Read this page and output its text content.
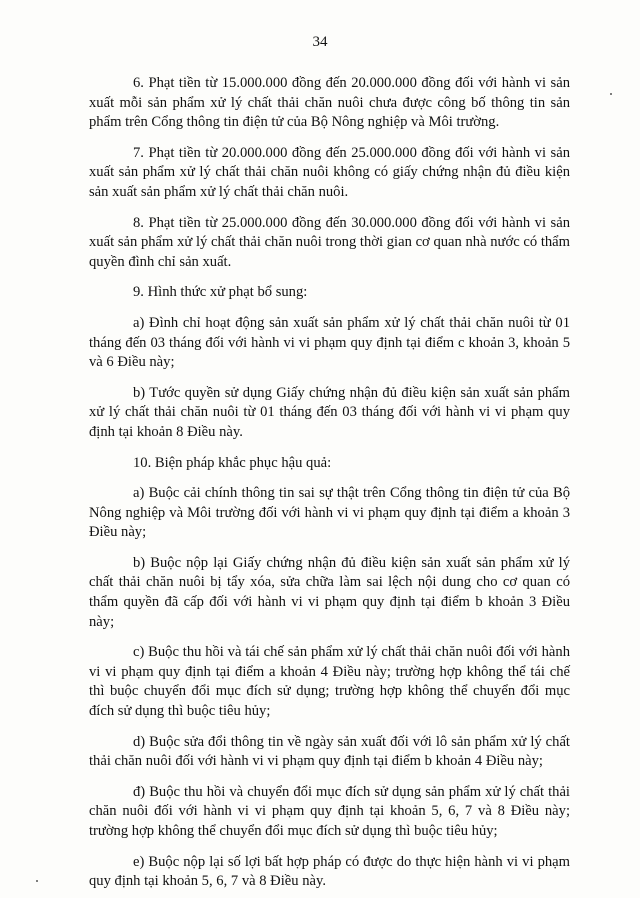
34

6. Phạt tiền từ 15.000.000 đồng đến 20.000.000 đồng đối với hành vi sản xuất mỗi sản phẩm xử lý chất thải chăn nuôi chưa được công bố thông tin sản phẩm trên Cổng thông tin điện tử của Bộ Nông nghiệp và Môi trường.

7. Phạt tiền từ 20.000.000 đồng đến 25.000.000 đồng đối với hành vi sản xuất sản phẩm xử lý chất thải chăn nuôi không có giấy chứng nhận đủ điều kiện sản xuất sản phẩm xử lý chất thải chăn nuôi.

8. Phạt tiền từ 25.000.000 đồng đến 30.000.000 đồng đối với hành vi sản xuất sản phẩm xử lý chất thải chăn nuôi trong thời gian cơ quan nhà nước có thẩm quyền đình chỉ sản xuất.

9. Hình thức xử phạt bổ sung:

a) Đình chỉ hoạt động sản xuất sản phẩm xử lý chất thải chăn nuôi từ 01 tháng đến 03 tháng đối với hành vi vi phạm quy định tại điểm c khoản 3, khoản 5 và 6 Điều này;

b) Tước quyền sử dụng Giấy chứng nhận đủ điều kiện sản xuất sản phẩm xử lý chất thải chăn nuôi từ 01 tháng đến 03 tháng đối với hành vi vi phạm quy định tại khoản 8 Điều này.

10. Biện pháp khắc phục hậu quả:

a) Buộc cải chính thông tin sai sự thật trên Cổng thông tin điện tử của Bộ Nông nghiệp và Môi trường đối với hành vi vi phạm quy định tại điểm a khoản 3 Điều này;

b) Buộc nộp lại Giấy chứng nhận đủ điều kiện sản xuất sản phẩm xử lý chất thải chăn nuôi bị tẩy xóa, sửa chữa làm sai lệch nội dung cho cơ quan có thẩm quyền đã cấp đối với hành vi vi phạm quy định tại điểm b khoản 3 Điều này;

c) Buộc thu hồi và tái chế sản phẩm xử lý chất thải chăn nuôi đối với hành vi vi phạm quy định tại điểm a khoản 4 Điều này; trường hợp không thể tái chế thì buộc chuyển đổi mục đích sử dụng; trường hợp không thể chuyển đổi mục đích sử dụng thì buộc tiêu hủy;

d) Buộc sửa đổi thông tin về ngày sản xuất đối với lô sản phẩm xử lý chất thải chăn nuôi đối với hành vi vi phạm quy định tại điểm b khoản 4 Điều này;

đ) Buộc thu hồi và chuyển đổi mục đích sử dụng sản phẩm xử lý chất thải chăn nuôi đối với hành vi vi phạm quy định tại khoản 5, 6, 7 và 8 Điều này; trường hợp không thể chuyển đổi mục đích sử dụng thì buộc tiêu hủy;

e) Buộc nộp lại số lợi bất hợp pháp có được do thực hiện hành vi vi phạm quy định tại khoản 5, 6, 7 và 8 Điều này.
